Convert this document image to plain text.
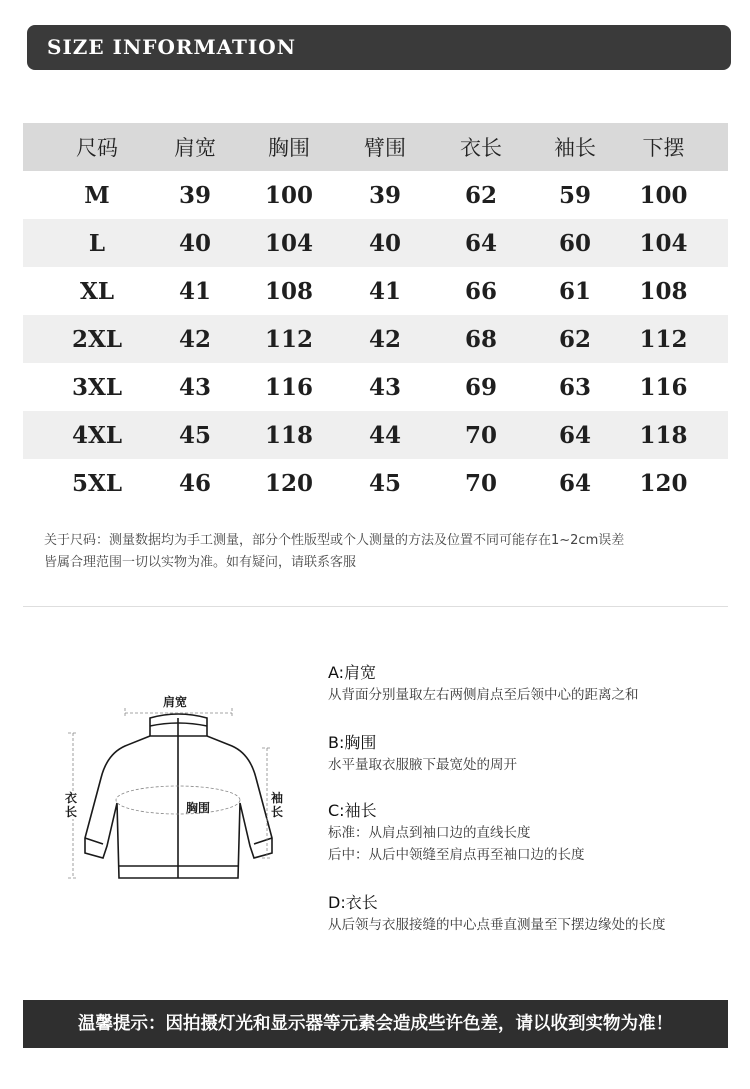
SIZE INFORMATION
尺码	肩宽	胸围	臂围	衣长	袖长	下摆
M	39	100	39	62	59	100
L	40	104	40	64	60	104
XL	41	108	41	66	61	108
2XL	42	112	42	68	62	112
3XL	43	116	43	69	63	116
4XL	45	118	44	70	64	118
5XL	46	120	45	70	64	120
关于尺码：测量数据均为手工测量，部分个性版型或个人测量的方法及位置不同可能存在1~2cm误差
皆属合理范围一切以实物为准。如有疑问，请联系客服
肩宽
胸围
衣长
袖长

A:肩宽

从背面分别量取左右两侧肩点至后领中心的距离之和

B:胸围

水平量取衣服腋下最宽处的周开

C:袖长

标准：从肩点到袖口边的直线长度

后中：从后中领缝至肩点再至袖口边的长度

D:衣长

从后领与衣服接缝的中心点垂直测量至下摆边缘处的长度

温馨提示：因拍摄灯光和显示器等元素会造成些许色差，请以收到实物为准！
